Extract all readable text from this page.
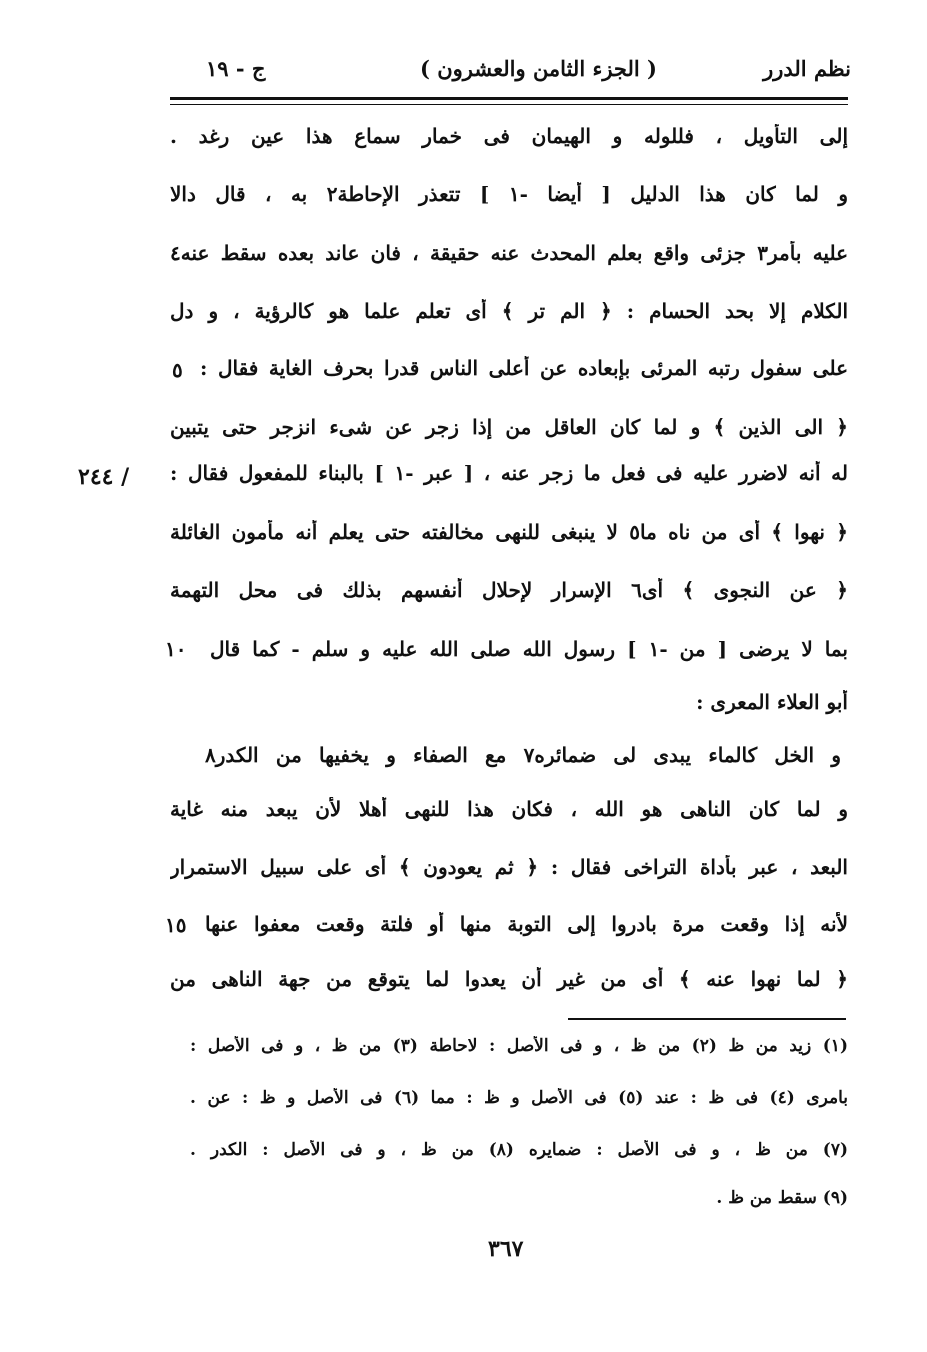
نظم الدرر
( الجزء الثامن والعشرون )
ج - ١٩
إلى التأويل ، فللوله و الهيمان فى خمار سماع هذا عين رغد .
و لما كان هذا الدليل [ أيضا -١ ] تتعذر الإحاطة٢ به ، قال دالا
عليه بأمر٣ جزئى واقع بعلم المحدث عنه حقيقة ، فان عاند بعده سقط عنه٤
الكلام إلا بحد الحسام : ﴿ الم تر ﴾ أى تعلم علما هو كالرؤية ، و دل
على سفول رتبه المرئى بإبعاده عن أعلى الناس قدرا بحرف الغاية فقال :
﴿ الى الذين ﴾ و لما كان العاقل من إذا زجر عن شىء انزجر حتى يتبين
له أنه لاضرر عليه فى فعل ما زجر عنه ، [ عبر -١ ] بالبناء للمفعول فقال :
﴿ نهوا ﴾ أى من ناه ما٥ لا ينبغى للنهى مخالفته حتى يعلم أنه مأمون الغائلة
﴿ عن النجوى ﴾ أى٦ الإسرار لإحلال أنفسهم بذلك فى محل التهمة
بما لا يرضى [ من -١ ] رسول الله صلى الله عليه و سلم - كما قال
أبو العلاء المعرى :
و الخل كالماء يبدى لى ضمائره٧ مع الصفاء و يخفيها من الكدر٨
و لما كان الناهى هو الله ، فكان هذا للنهى أهلا لأن يبعد منه غاية
البعد ، عبر بأداة التراخى فقال : ﴿ ثم يعودون ﴾ أى على سبيل الاستمرار
لأنه إذا وقعت مرة بادروا إلى التوبة منها أو فلتة وقعت معفوا عنها
﴿ لما نهوا عنه ﴾ أى من غير أن يعدوا لما يتوقع من جهة الناهى من
٥
١٠
١٥
/ ٢٤٤
(١) زيد من ظ (٢) من ظ ، و فى الأصل : لاحاطة (٣) من ظ ، و فى الأصل :
بامرى (٤) فى ظ : عند (٥) فى الأصل و ظ : مما (٦) فى الأصل و ظ : عن .
(٧) من ظ ، و فى الأصل : ضمايره (٨) من ظ ، و فى الأصل : الكدر .
(٩) سقط من ظ .
٣٦٧
